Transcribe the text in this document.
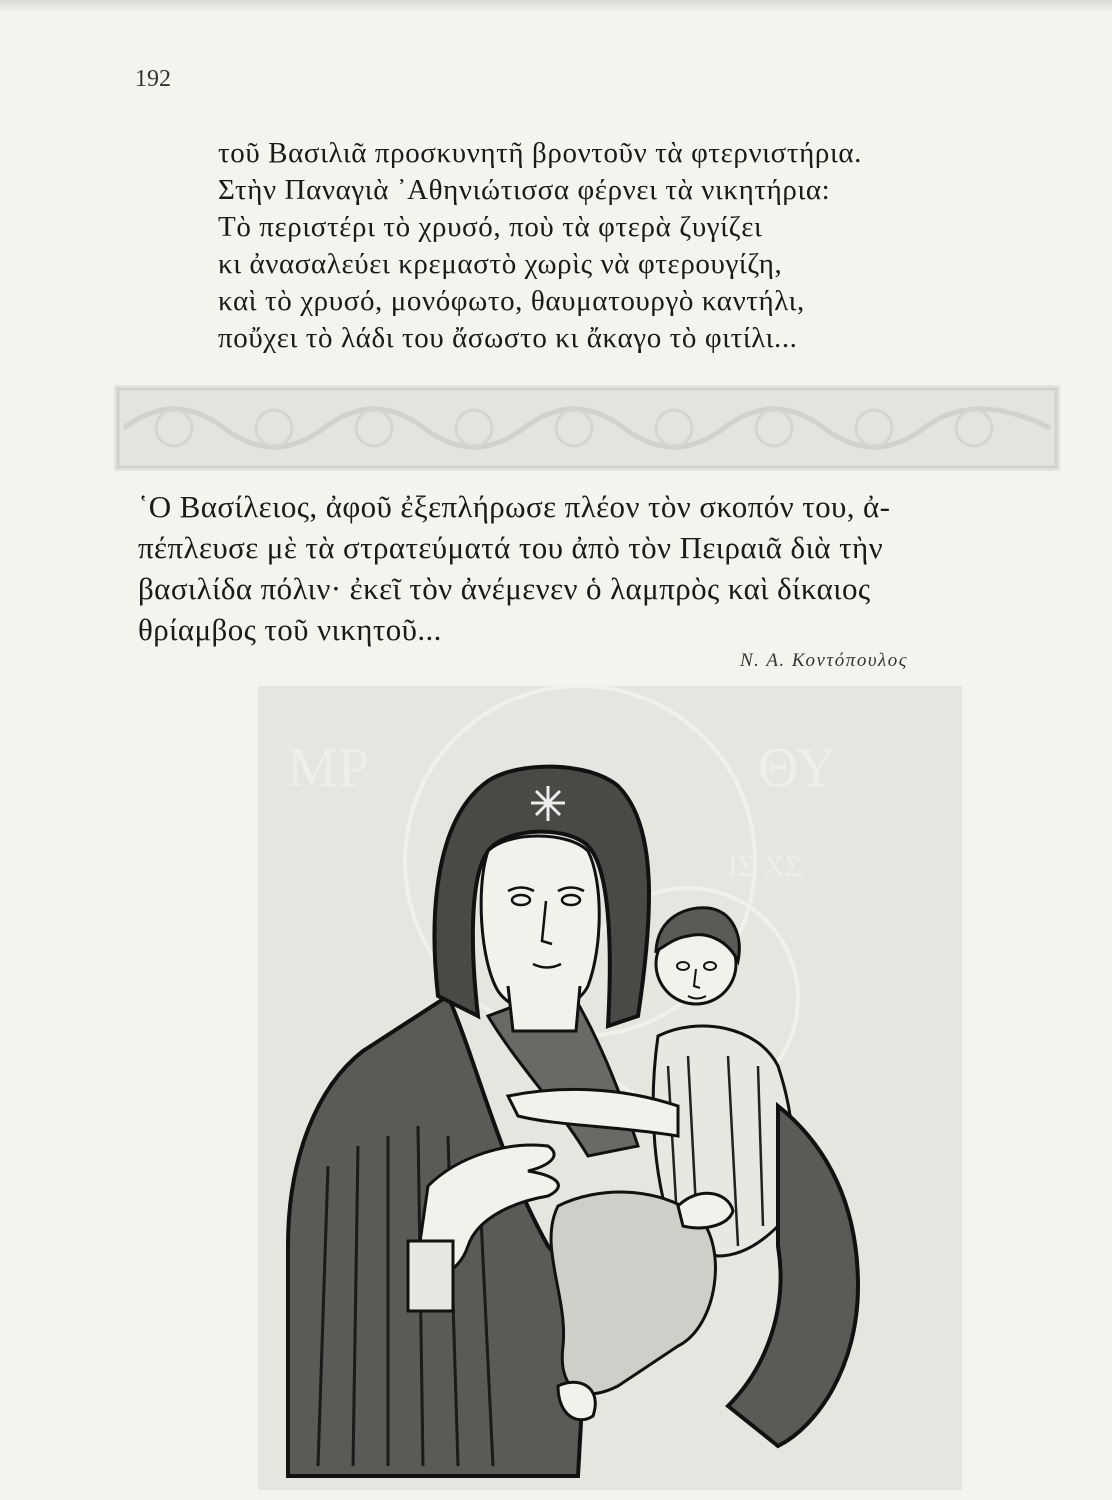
192
τοῦ Βασιλιᾶ προσκυνητῆ βροντοῦν τὰ φτερνιστήρια.
Στὴν Παναγιὰ ᾿Αθηνιώτισσα φέρνει τὰ νικητήρια:
Τὸ περιστέρι τὸ χρυσό, ποὺ τὰ φτερὰ ζυγίζει
κι ἀνασαλεύει κρεμαστὸ χωρὶς νὰ φτερουγίζη,
καὶ τὸ χρυσό, μονόφωτο, θαυματουργὸ καντήλι,
ποὔχει τὸ λάδι του ἄσωστο κι ἄκαγο τὸ φιτίλι...
῾Ο Βασίλειος, ἀφοῦ ἐξεπλήρωσε πλέον τὸν σκοπόν του, ἀ-
πέπλευσε μὲ τὰ στρατεύματά του ἀπὸ τὸν Πειραιᾶ διὰ τὴν
βασιλίδα πόλιν· ἐκεῖ τὸν ἀνέμενεν ὁ λαμπρὸς καὶ δίκαιος
θρίαμβος τοῦ νικητοῦ...
Ν. Α. Κοντόπουλος
ΜΡ	ΘΥ
ΙΣ ΧΣ
